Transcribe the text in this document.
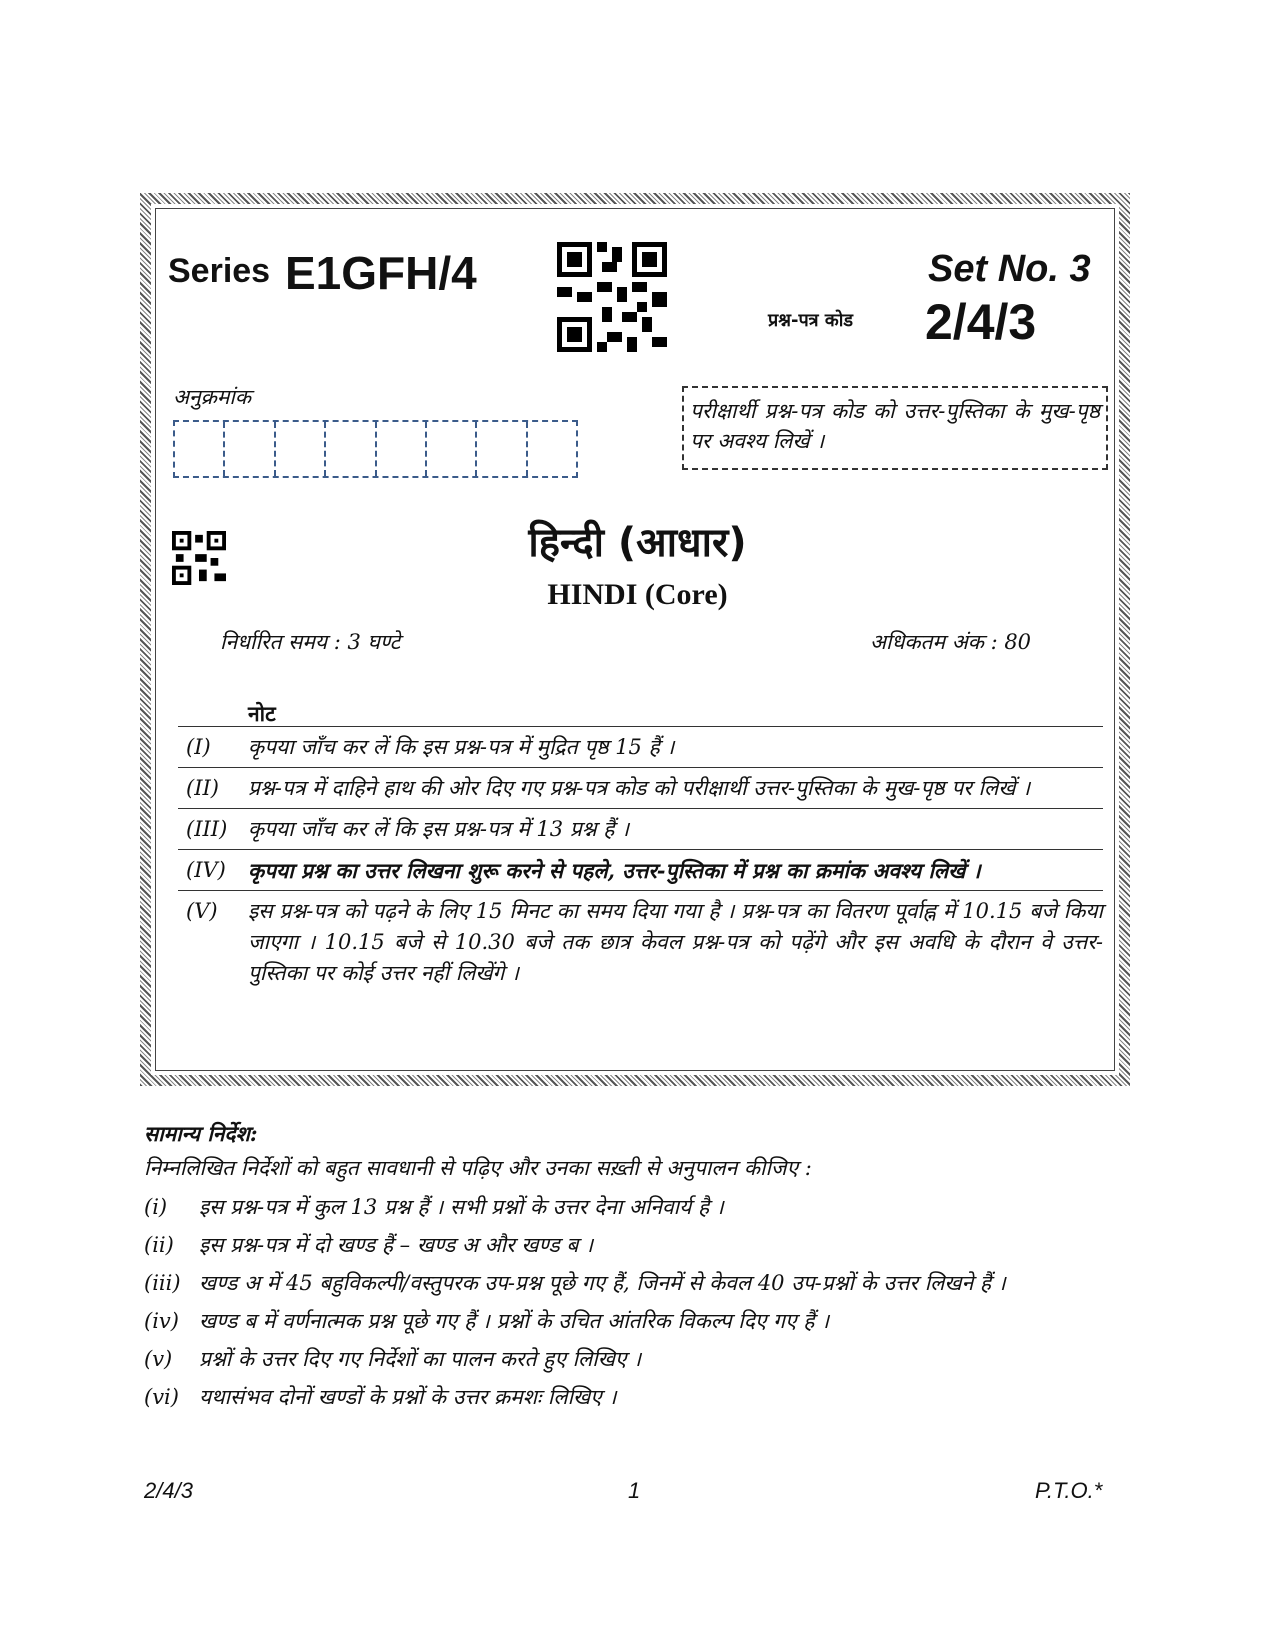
Series E1GFH/4	Set No. 3
प्रश्न-पत्र कोड 2/4/3
अनुक्रमांक
परीक्षार्थी प्रश्न-पत्र कोड को उत्तर-पुस्तिका के मुख-पृष्ठ पर अवश्य लिखें ।
हिन्दी (आधार)
HINDI (Core)
निर्धारित समय : 3 घण्टे	अधिकतम अंक : 80
नोट
(I)	कृपया जाँच कर लें कि इस प्रश्न-पत्र में मुद्रित पृष्ठ 15 हैं ।
(II)	प्रश्न-पत्र में दाहिने हाथ की ओर दिए गए प्रश्न-पत्र कोड को परीक्षार्थी उत्तर-पुस्तिका के मुख-पृष्ठ पर लिखें ।
(III) कृपया जाँच कर लें कि इस प्रश्न-पत्र में 13 प्रश्न हैं ।
(IV)	कृपया प्रश्न का उत्तर लिखना शुरू करने से पहले, उत्तर-पुस्तिका में प्रश्न का क्रमांक अवश्य लिखें ।
(V)	इस प्रश्न-पत्र को पढ़ने के लिए 15 मिनट का समय दिया गया है । प्रश्न-पत्र का वितरण पूर्वाह्न में 10.15 बजे किया जाएगा । 10.15 बजे से 10.30 बजे तक छात्र केवल प्रश्न-पत्र को पढ़ेंगे और इस अवधि के दौरान वे उत्तर-पुस्तिका पर कोई उत्तर नहीं लिखेंगे ।
सामान्य निर्देश:
निम्नलिखित निर्देशों को बहुत सावधानी से पढ़िए और उनका सख़्ती से अनुपालन कीजिए :
(i)	इस प्रश्न-पत्र में कुल 13 प्रश्न हैं । सभी प्रश्नों के उत्तर देना अनिवार्य है ।
(ii)	इस प्रश्न-पत्र में दो खण्ड हैं – खण्ड अ और खण्ड ब ।
(iii) खण्ड अ में 45 बहुविकल्पी/वस्तुपरक उप-प्रश्न पूछे गए हैं, जिनमें से केवल 40 उप-प्रश्नों के उत्तर लिखने हैं ।
(iv) खण्ड ब में वर्णनात्मक प्रश्न पूछे गए हैं । प्रश्नों के उचित आंतरिक विकल्प दिए गए हैं ।
(v)	प्रश्नों के उत्तर दिए गए निर्देशों का पालन करते हुए लिखिए ।
(vi) यथासंभव दोनों खण्डों के प्रश्नों के उत्तर क्रमशः लिखिए ।
2/4/3	1	P.T.O.*
